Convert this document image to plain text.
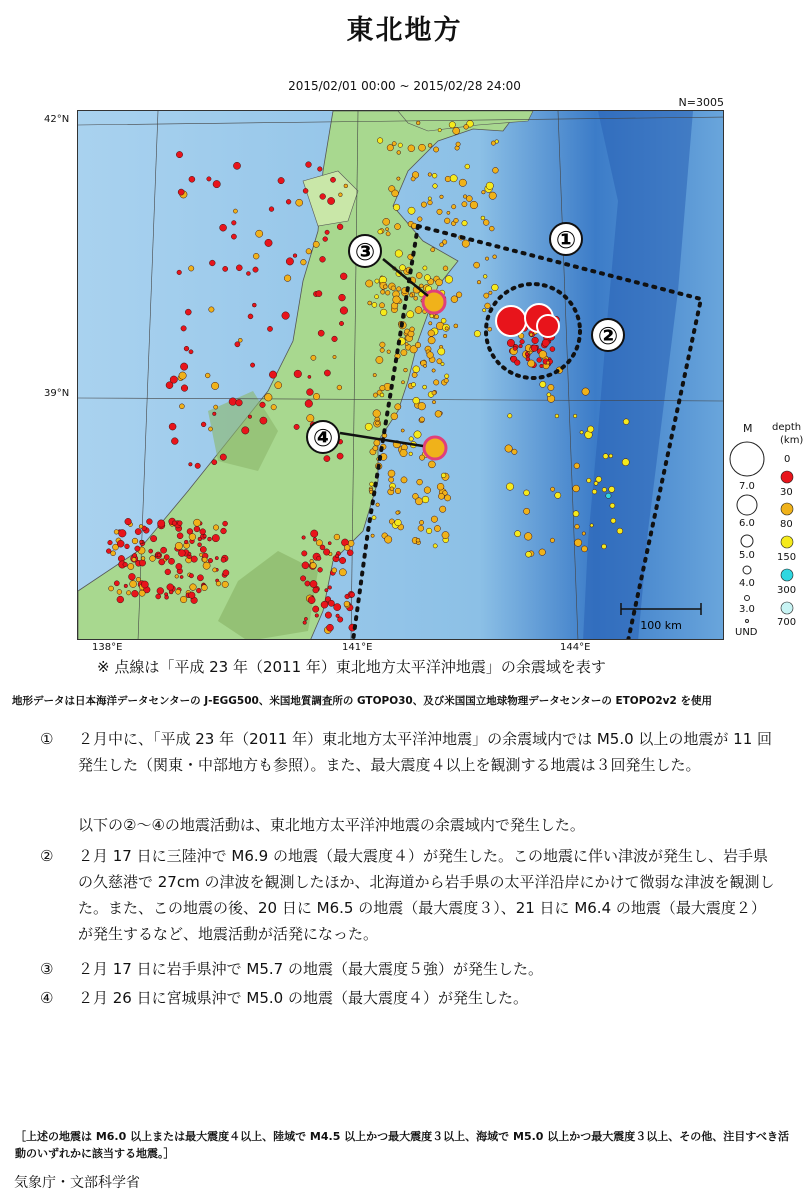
東北地方
2015/02/01 00:00 ~ 2015/02/28 24:00
N=3005
42°N
39°N
138°E	141°E	144°E
①
②
③
④
100 km
M depth
(km)
7.0
6.0
5.0
4.0
3.0
UND
0
30
80
150
300
700
※ 点線は「平成 23 年（2011 年）東北地方太平洋沖地震」の余震域を表す
地形データは日本海洋データセンターの J-EGG500、米国地質調査所の GTOPO30、及び米国国立地球物理データセンターの ETOPO2v2 を使用
① ２月中に、「平成 23 年（2011 年）東北地方太平洋沖地震」の余震域内では M5.0 以上の地震が 11 回発生した（関東・中部地方も参照）。また、最大震度４以上を観測する地震は３回発生した。
以下の②～④の地震活動は、東北地方太平洋沖地震の余震域内で発生した。
② ２月 17 日に三陸沖で M6.9 の地震（最大震度４）が発生した。この地震に伴い津波が発生し、岩手県の久慈港で 27cm の津波を観測したほか、北海道から岩手県の太平洋沿岸にかけて微弱な津波を観測した。また、この地震の後、20 日に M6.5 の地震（最大震度３）、21 日に M6.4 の地震（最大震度２）が発生するなど、地震活動が活発になった。
③ ２月 17 日に岩手県沖で M5.7 の地震（最大震度５強）が発生した。
④ ２月 26 日に宮城県沖で M5.0 の地震（最大震度４）が発生した。
［上述の地震は M6.0 以上または最大震度４以上、陸域で M4.5 以上かつ最大震度３以上、海域で M5.0 以上かつ最大震度３以上、その他、注目すべき活動のいずれかに該当する地震。］
気象庁・文部科学省
